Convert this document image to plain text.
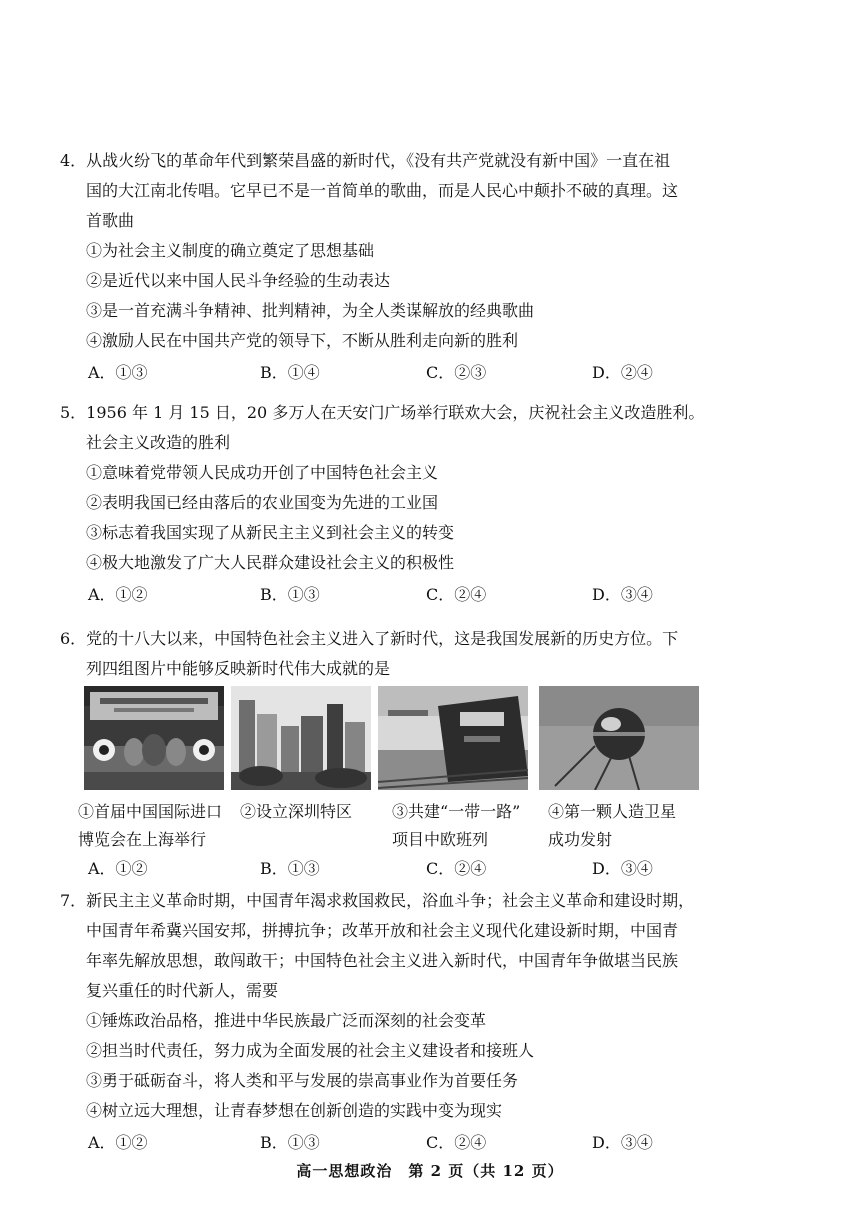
4．从战火纷飞的革命年代到繁荣昌盛的新时代，《没有共产党就没有新中国》一直在祖
国的大江南北传唱。它早已不是一首简单的歌曲，而是人民心中颠扑不破的真理。这
首歌曲
①为社会主义制度的确立奠定了思想基础
②是近代以来中国人民斗争经验的生动表达
③是一首充满斗争精神、批判精神，为全人类谋解放的经典歌曲
④激励人民在中国共产党的领导下，不断从胜利走向新的胜利
A．①③	B．①④	C．②③	D．②④
5．1956 年 1 月 15 日，20 多万人在天安门广场举行联欢大会，庆祝社会主义改造胜利。
社会主义改造的胜利
①意味着党带领人民成功开创了中国特色社会主义
②表明我国已经由落后的农业国变为先进的工业国
③标志着我国实现了从新民主主义到社会主义的转变
④极大地激发了广大人民群众建设社会主义的积极性
A．①②	B．①③	C．②④	D．③④
6．党的十八大以来，中国特色社会主义进入了新时代，这是我国发展新的历史方位。下
列四组图片中能够反映新时代伟大成就的是
①首届中国国际进口
博览会在上海举行
②设立深圳特区 ③共建“一带一路”
项目中欧班列
④第一颗人造卫星
成功发射
A．①②	B．①③	C．②④	D．③④
7．新民主主义革命时期，中国青年渴求救国救民，浴血斗争；社会主义革命和建设时期，
中国青年希冀兴国安邦，拼搏抗争；改革开放和社会主义现代化建设新时期，中国青
年率先解放思想，敢闯敢干；中国特色社会主义进入新时代，中国青年争做堪当民族
复兴重任的时代新人，需要
①锤炼政治品格，推进中华民族最广泛而深刻的社会变革
②担当时代责任，努力成为全面发展的社会主义建设者和接班人
③勇于砥砺奋斗，将人类和平与发展的崇高事业作为首要任务
④树立远大理想，让青春梦想在创新创造的实践中变为现实
A．①②	B．①③	C．②④	D．③④
高一思想政治　第 2 页（共 12 页）
